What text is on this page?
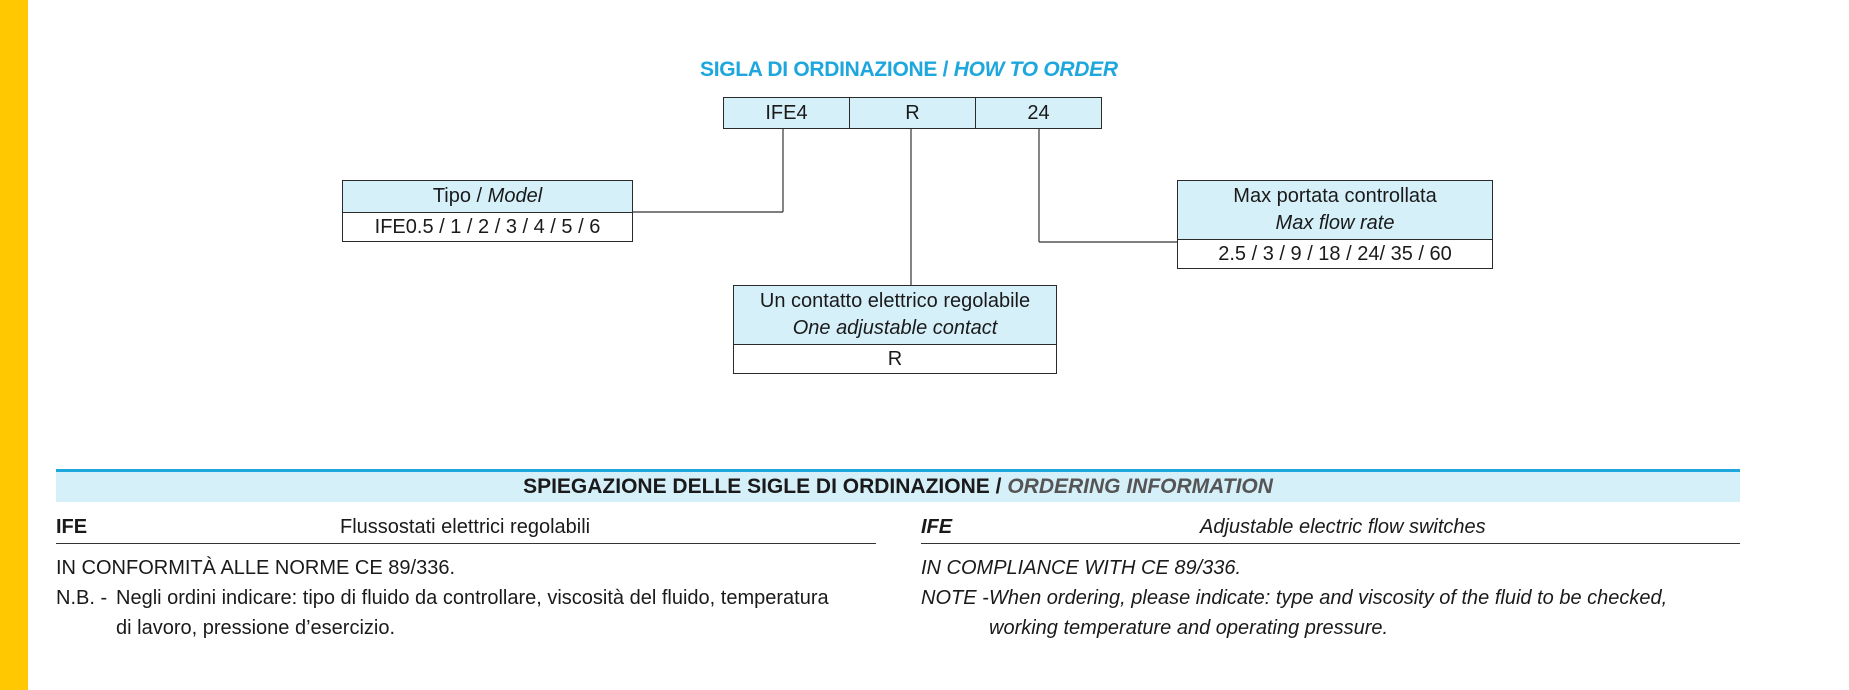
SIGLA DI ORDINAZIONE / HOW TO ORDER
IFE4	R	24
Tipo / Model
IFE0.5 / 1 / 2 / 3 / 4 / 5 / 6
Un contatto elettrico regolabile
One adjustable contact
R
Max portata controllata
Max flow rate
2.5 / 3 / 9 / 18 / 24/ 35 / 60
SPIEGAZIONE DELLE SIGLE DI ORDINAZIONE / ORDERING INFORMATION
IFE	Flussostati elettrici regolabili
IN CONFORMITÀ ALLE NORME CE 89/336.
N.B. - Negli ordini indicare: tipo di fluido da controllare, viscosità del fluido, temperatura
di lavoro, pressione d’esercizio.
IFE	Adjustable electric flow switches
IN COMPLIANCE WITH CE 89/336.
NOTE - When ordering, please indicate: type and viscosity of the fluid to be checked,
working temperature and operating pressure.
